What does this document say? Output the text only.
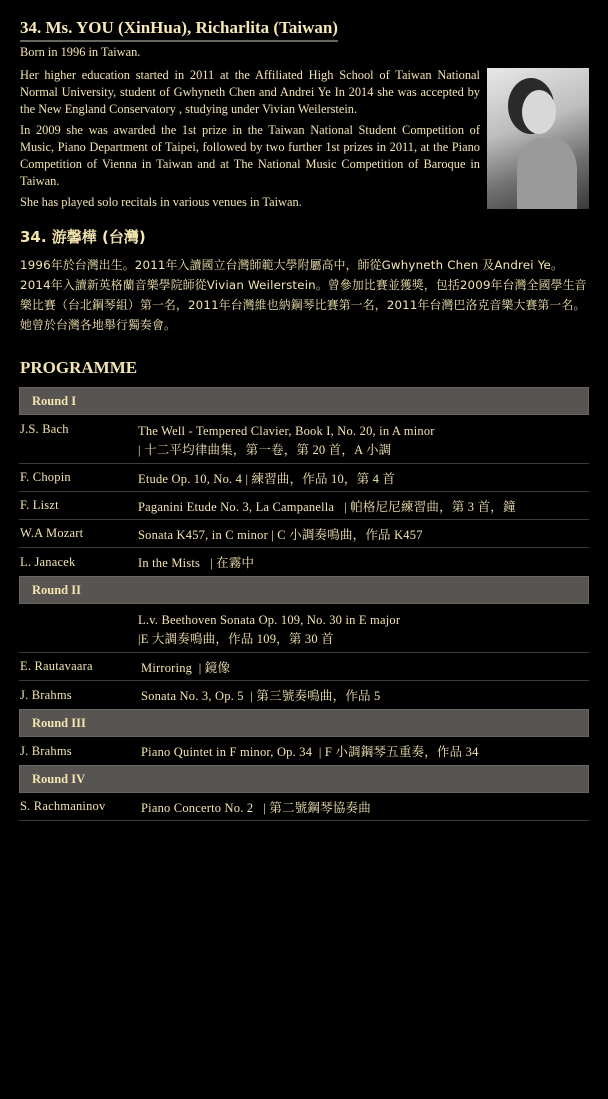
34. Ms. YOU (XinHua), Richarlita (Taiwan)

Born in 1996 in Taiwan.

Her higher education started in 2011 at the Affiliated High School of Taiwan National Normal University, student of Gwhyneth Chen and Andrei Ye In 2014 she was accepted by the New England Conservatory , studying under Vivian Weilerstein.

In 2009 she was awarded the 1st prize in the Taiwan National Student Competition of Music, Piano Department of Taipei, followed by two further 1st prizes in 2011, at the Piano Competition of Vienna in Taiwan and at The National Music Competition of Baroque in Taiwan.

She has played solo recitals in various venues in Taiwan.

34. 游馨樺 (台灣)
1996年於台灣出生。2011年入讀國立台灣師範大學附屬高中，師從Gwhyneth Chen 及Andrei Ye。2014年入讀新英格蘭音樂學院師從Vivian Weilerstein。曾參加比賽並獲獎，包括2009年台灣全國學生音樂比賽（台北鋼琴組）第一名，2011年台灣維也納鋼琴比賽第一名，2011年台灣巴洛克音樂大賽第一名。她曾於台灣各地舉行獨奏會。
PROGRAMME
Round I
J.S. Bach	The Well - Tempered Clavier, Book I, No. 20, in A minor
| 十二平均律曲集，第一卷，第 20 首，A 小調
F. Chopin	Etude Op. 10, No. 4 | 練習曲，作品 10，第 4 首
F. Liszt	Paganini Etude No. 3, La Campanella   | 帕格尼尼練習曲，第 3 首，鐘
W.A Mozart	Sonata K457, in C minor | C 小調奏鳴曲，作品 K457
L. Janacek	In the Mists   | 在霧中
Round II
L.v. Beethoven Sonata Op. 109, No. 30 in E major
|E 大調奏鳴曲，作品 109，第 30 首
E. Rautavaara	Mirroring  | 鏡像
J. Brahms	Sonata No. 3, Op. 5  | 第三號奏鳴曲，作品 5
Round III
J. Brahms	Piano Quintet in F minor, Op. 34  | F 小調鋼琴五重奏，作品 34
Round IV
S. Rachmaninov	Piano Concerto No. 2   | 第二號鋼琴協奏曲
